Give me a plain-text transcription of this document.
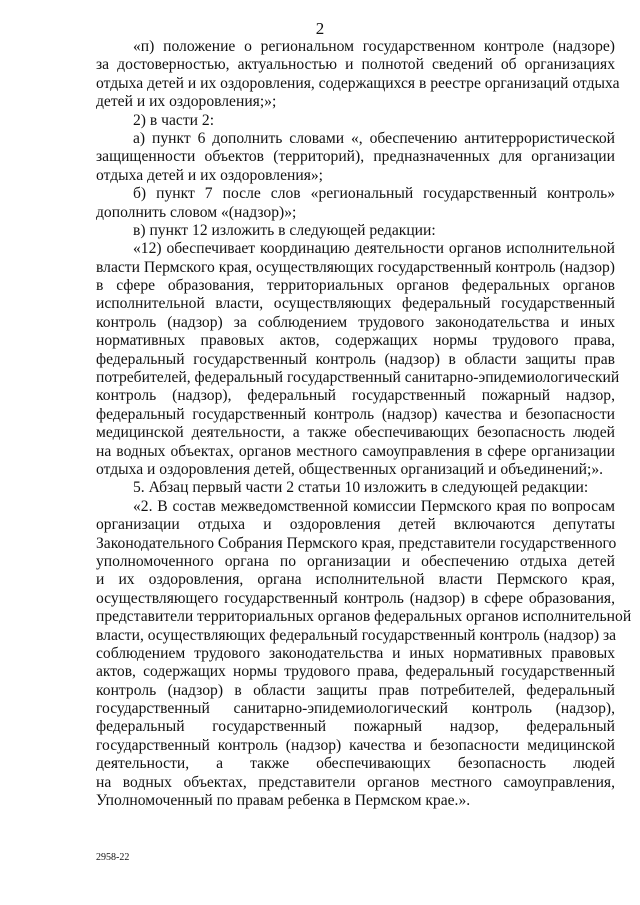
2
«п) положение о региональном государственном контроле (надзоре)
за достоверностью, актуальностью и полнотой сведений об организациях
отдыха детей и их оздоровления, содержащихся в реестре организаций отдыха
детей и их оздоровления;»;
2) в части 2:
а) пункт 6 дополнить словами «, обеспечению антитеррористической
защищенности объектов (территорий), предназначенных для организации
отдыха детей и их оздоровления»;
б) пункт 7 после слов «региональный государственный контроль»
дополнить словом «(надзор)»;
в) пункт 12 изложить в следующей редакции:
«12) обеспечивает координацию деятельности органов исполнительной
власти Пермского края, осуществляющих государственный контроль (надзор)
в сфере образования, территориальных органов федеральных органов
исполнительной власти, осуществляющих федеральный государственный
контроль (надзор) за соблюдением трудового законодательства и иных
нормативных правовых актов, содержащих нормы трудового права,
федеральный государственный контроль (надзор) в области защиты прав
потребителей, федеральный государственный санитарно-эпидемиологический
контроль (надзор), федеральный государственный пожарный надзор,
федеральный государственный контроль (надзор) качества и безопасности
медицинской деятельности, а также обеспечивающих безопасность людей
на водных объектах, органов местного самоуправления в сфере организации
отдыха и оздоровления детей, общественных организаций и объединений;».
5. Абзац первый части 2 статьи 10 изложить в следующей редакции:
«2. В состав межведомственной комиссии Пермского края по вопросам
организации отдыха и оздоровления детей включаются депутаты
Законодательного Собрания Пермского края, представители государственного
уполномоченного органа по организации и обеспечению отдыха детей
и их оздоровления, органа исполнительной власти Пермского края,
осуществляющего государственный контроль (надзор) в сфере образования,
представители территориальных органов федеральных органов исполнительной
власти, осуществляющих федеральный государственный контроль (надзор) за
соблюдением трудового законодательства и иных нормативных правовых
актов, содержащих нормы трудового права, федеральный государственный
контроль (надзор) в области защиты прав потребителей, федеральный
государственный санитарно-эпидемиологический контроль (надзор),
федеральный государственный пожарный надзор, федеральный
государственный контроль (надзор) качества и безопасности медицинской
деятельности, а также обеспечивающих безопасность людей
на водных объектах, представители органов местного самоуправления,
Уполномоченный по правам ребенка в Пермском крае.».
2958-22
